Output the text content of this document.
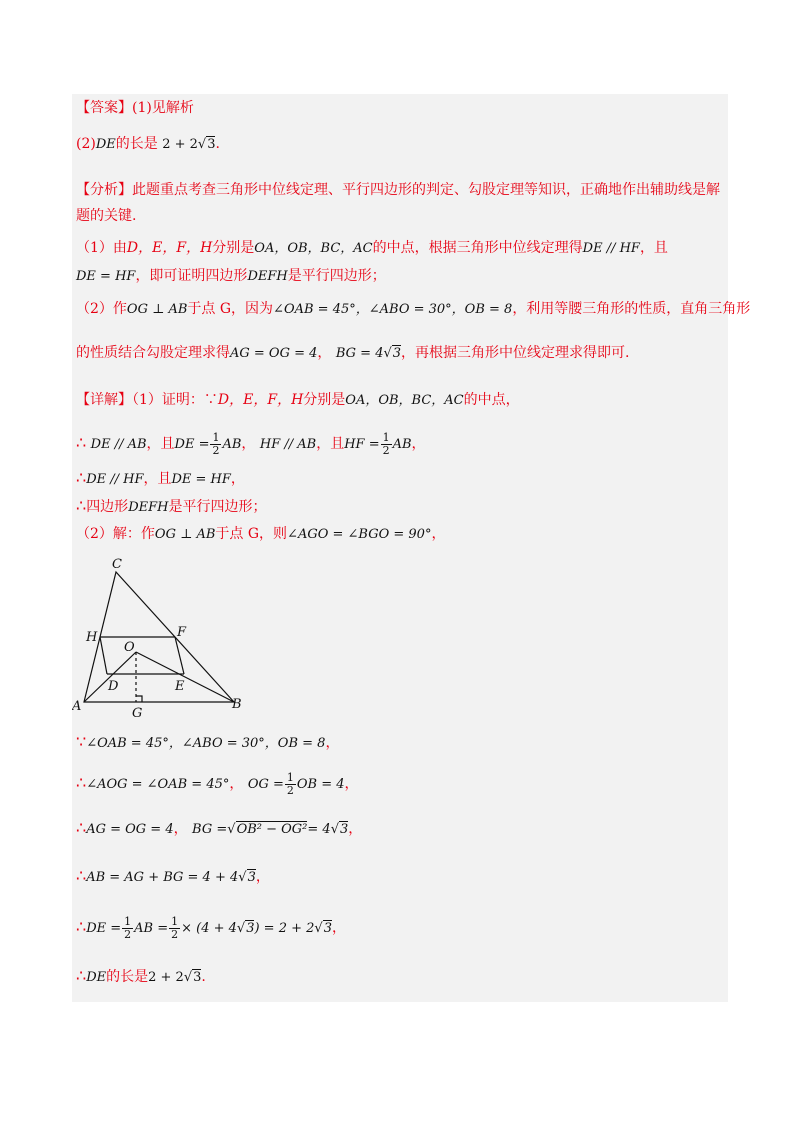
【答案】(1)见解析
(2)DE的长是 2 + 2√3.
【分析】此题重点考查三角形中位线定理、平行四边形的判定、勾股定理等知识，正确地作出辅助线是解
题的关键.
（1）由D，E，F，H分别是OA，OB，BC，AC的中点，根据三角形中位线定理得DE // HF，且
DE = HF，即可证明四边形DEFH是平行四边形；
（2）作OG ⊥ AB于点 G，因为∠OAB = 45°，∠ABO = 30°，OB = 8，利用等腰三角形的性质，直角三角形
的性质结合勾股定理求得AG = OG = 4， BG = 4√3，再根据三角形中位线定理求得即可.
【详解】（1）证明：∵D，E，F，H分别是OA，OB，BC，AC的中点，
∴ DE // AB，且DE = $\frac{1}{2}$ AB， HF // AB，且HF = $\frac{1}{2}$ AB，
∴DE // HF，且DE = HF，
∴四边形DEFH是平行四边形；
（2）解：作OG ⊥ AB于点 G，则∠AGO = ∠BGO = 90°，
C
H	F
O
D	E
A	B
G
∵∠OAB = 45°，∠ABO = 30°，OB = 8，
∴∠AOG = ∠OAB = 45°， OG = $\frac{1}{2}$ OB = 4，
∴AG = OG = 4， BG =√OB² − OG²= 4√3，
∴AB = AG + BG = 4 + 4√3，
∴DE = $\frac{1}{2}$ AB = $\frac{1}{2} \times (4 + 4√3) = 2 + 2√3$，
∴DE的长是2 + 2√3.
